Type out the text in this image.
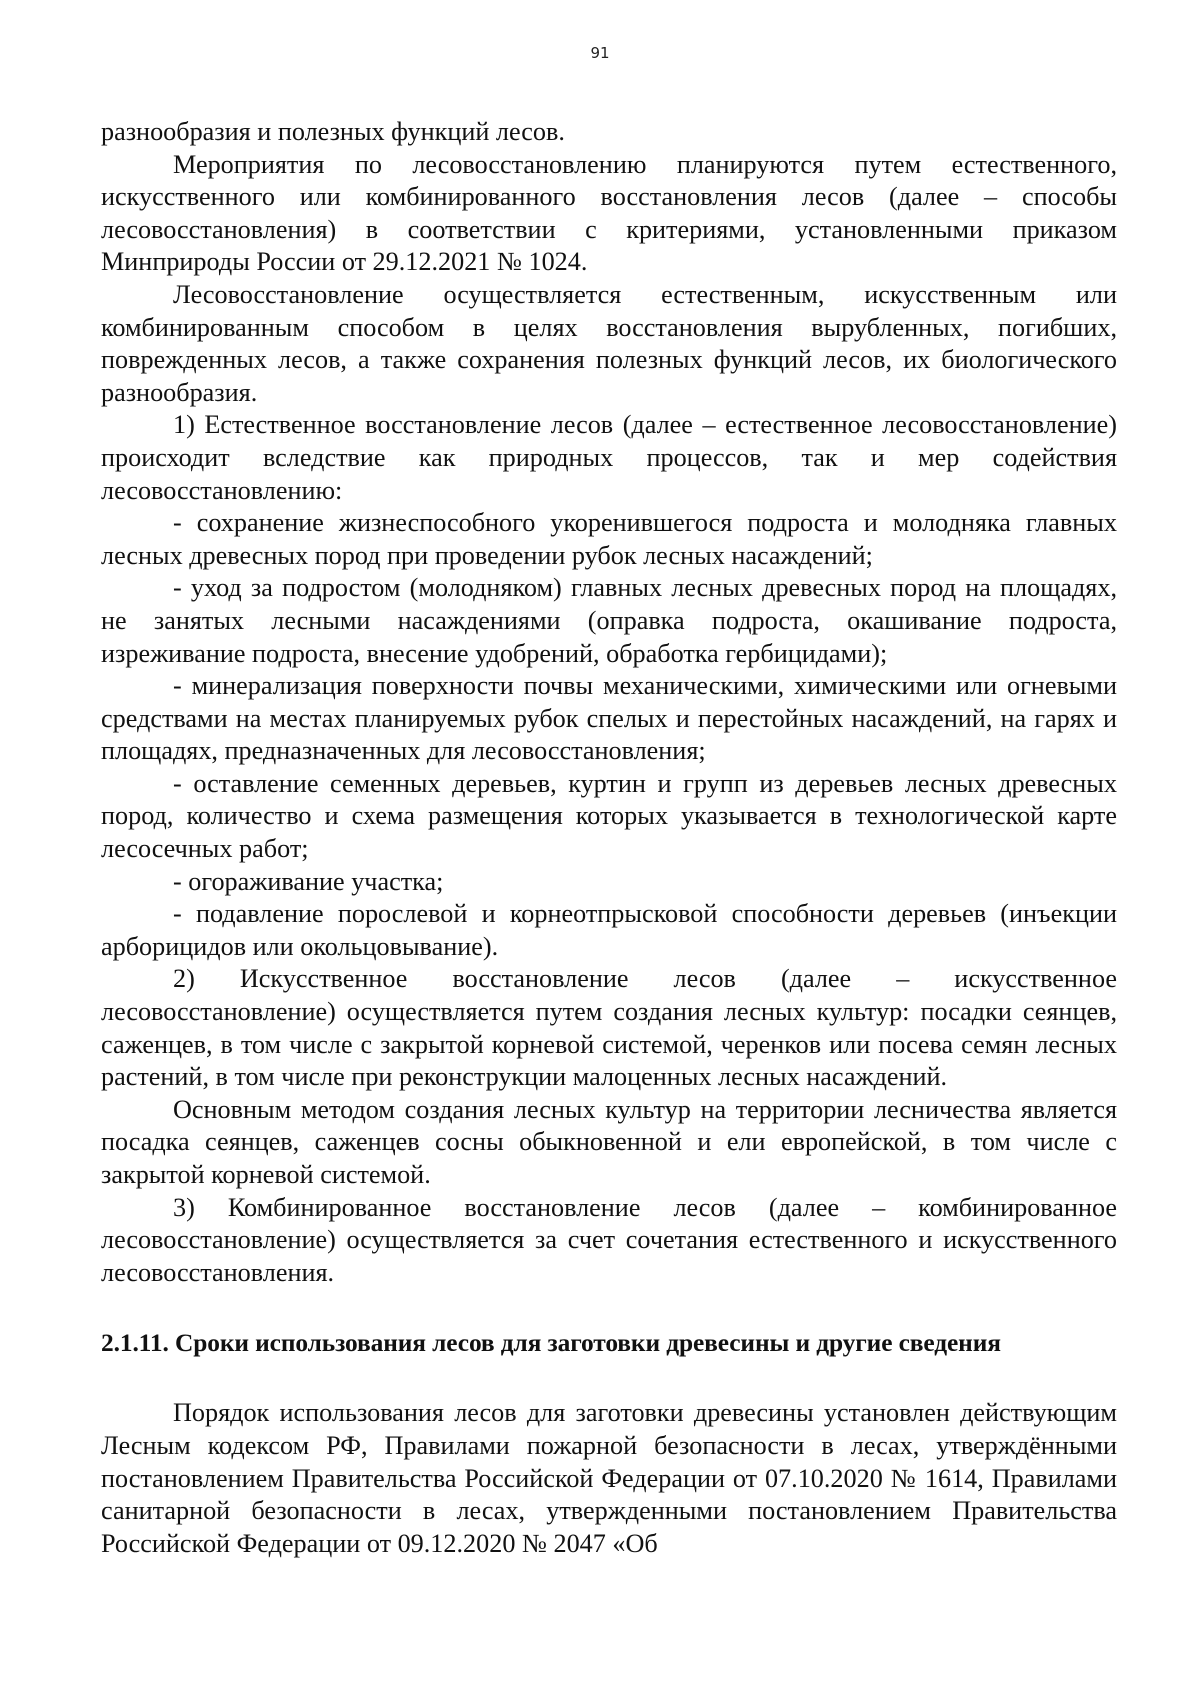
91

разнообразия и полезных функций лесов.

Мероприятия по лесовосстановлению планируются путем естественного, искусственного или комбинированного восстановления лесов (далее – способы лесовосстановления) в соответствии с критериями, установленными приказом Минприроды России от 29.12.2021 № 1024.

Лесовосстановление осуществляется естественным, искусственным или комбинированным способом в целях восстановления вырубленных, погибших, поврежденных лесов, а также сохранения полезных функций лесов, их биологического разнообразия.

1) Естественное восстановление лесов (далее – естественное лесовосстановление) происходит вследствие как природных процессов, так и мер содействия лесовосстановлению:

- сохранение жизнеспособного укоренившегося подроста и молодняка главных лесных древесных пород при проведении рубок лесных насаждений;

- уход за подростом (молодняком) главных лесных древесных пород на площадях, не занятых лесными насаждениями (оправка подроста, окашивание подроста, изреживание подроста, внесение удобрений, обработка гербицидами);

- минерализация поверхности почвы механическими, химическими или огневыми средствами на местах планируемых рубок спелых и перестойных насаждений, на гарях и площадях, предназначенных для лесовосстановления;

- оставление семенных деревьев, куртин и групп из деревьев лесных древесных пород, количество и схема размещения которых указывается в технологической карте лесосечных работ;

- огораживание участка;

- подавление порослевой и корнеотпрысковой способности деревьев (инъекции арборицидов или окольцовывание).

2) Искусственное восстановление лесов (далее – искусственное лесовосстановление) осуществляется путем создания лесных культур: посадки сеянцев, саженцев, в том числе с закрытой корневой системой, черенков или посева семян лесных растений, в том числе при реконструкции малоценных лесных насаждений.

Основным методом создания лесных культур на территории лесничества является посадка сеянцев, саженцев сосны обыкновенной и ели европейской, в том числе с закрытой корневой системой.

3) Комбинированное восстановление лесов (далее – комбинированное лесовосстановление) осуществляется за счет сочетания естественного и искусственного лесовосстановления.

2.1.11. Сроки использования лесов для заготовки древесины и другие сведения

Порядок использования лесов для заготовки древесины установлен действующим Лесным кодексом РФ, Правилами пожарной безопасности в лесах, утверждёнными постановлением Правительства Российской Федерации от 07.10.2020 № 1614, Правилами санитарной безопасности в лесах, утвержденными постановлением Правительства Российской Федерации от 09.12.2020 № 2047 «Об
